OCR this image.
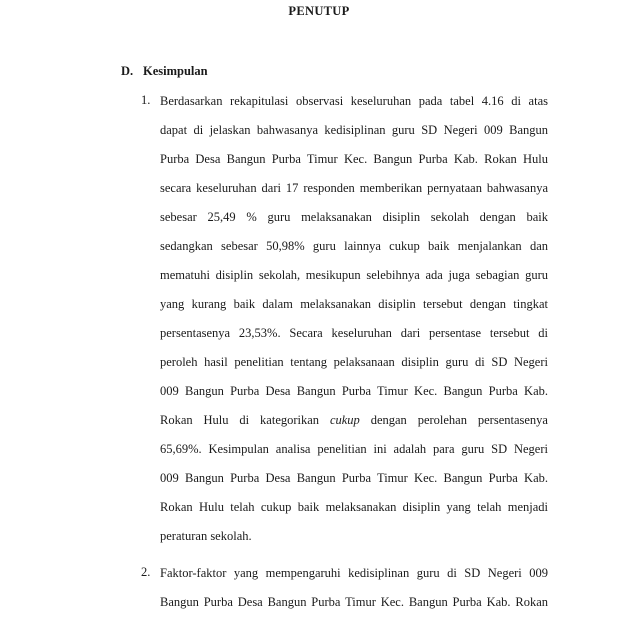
PENUTUP
D. Kesimpulan
1. Berdasarkan rekapitulasi observasi keseluruhan pada tabel 4.16 di atas
dapat di jelaskan bahwasanya kedisiplinan guru SD Negeri 009 Bangun
Purba Desa Bangun Purba Timur Kec. Bangun Purba Kab. Rokan Hulu
secara keseluruhan dari 17 responden memberikan pernyataan bahwasanya
sebesar 25,49 % guru melaksanakan disiplin sekolah dengan baik
sedangkan sebesar 50,98% guru lainnya cukup baik menjalankan dan
mematuhi disiplin sekolah, mesikupun selebihnya ada juga sebagian guru
yang kurang baik dalam melaksanakan disiplin tersebut dengan tingkat
persentasenya 23,53%. Secara keseluruhan dari persentase tersebut di
peroleh hasil penelitian tentang pelaksanaan disiplin guru di SD Negeri
009 Bangun Purba Desa Bangun Purba Timur Kec. Bangun Purba Kab.
Rokan Hulu di kategorikan cukup dengan perolehan persentasenya
65,69%. Kesimpulan analisa penelitian ini adalah para guru SD Negeri
009 Bangun Purba Desa Bangun Purba Timur Kec. Bangun Purba Kab.
Rokan Hulu telah cukup baik melaksanakan disiplin yang telah menjadi
peraturan sekolah.
2. Faktor-faktor yang mempengaruhi kedisiplinan guru di SD Negeri 009
Bangun Purba Desa Bangun Purba Timur Kec. Bangun Purba Kab. Rokan
